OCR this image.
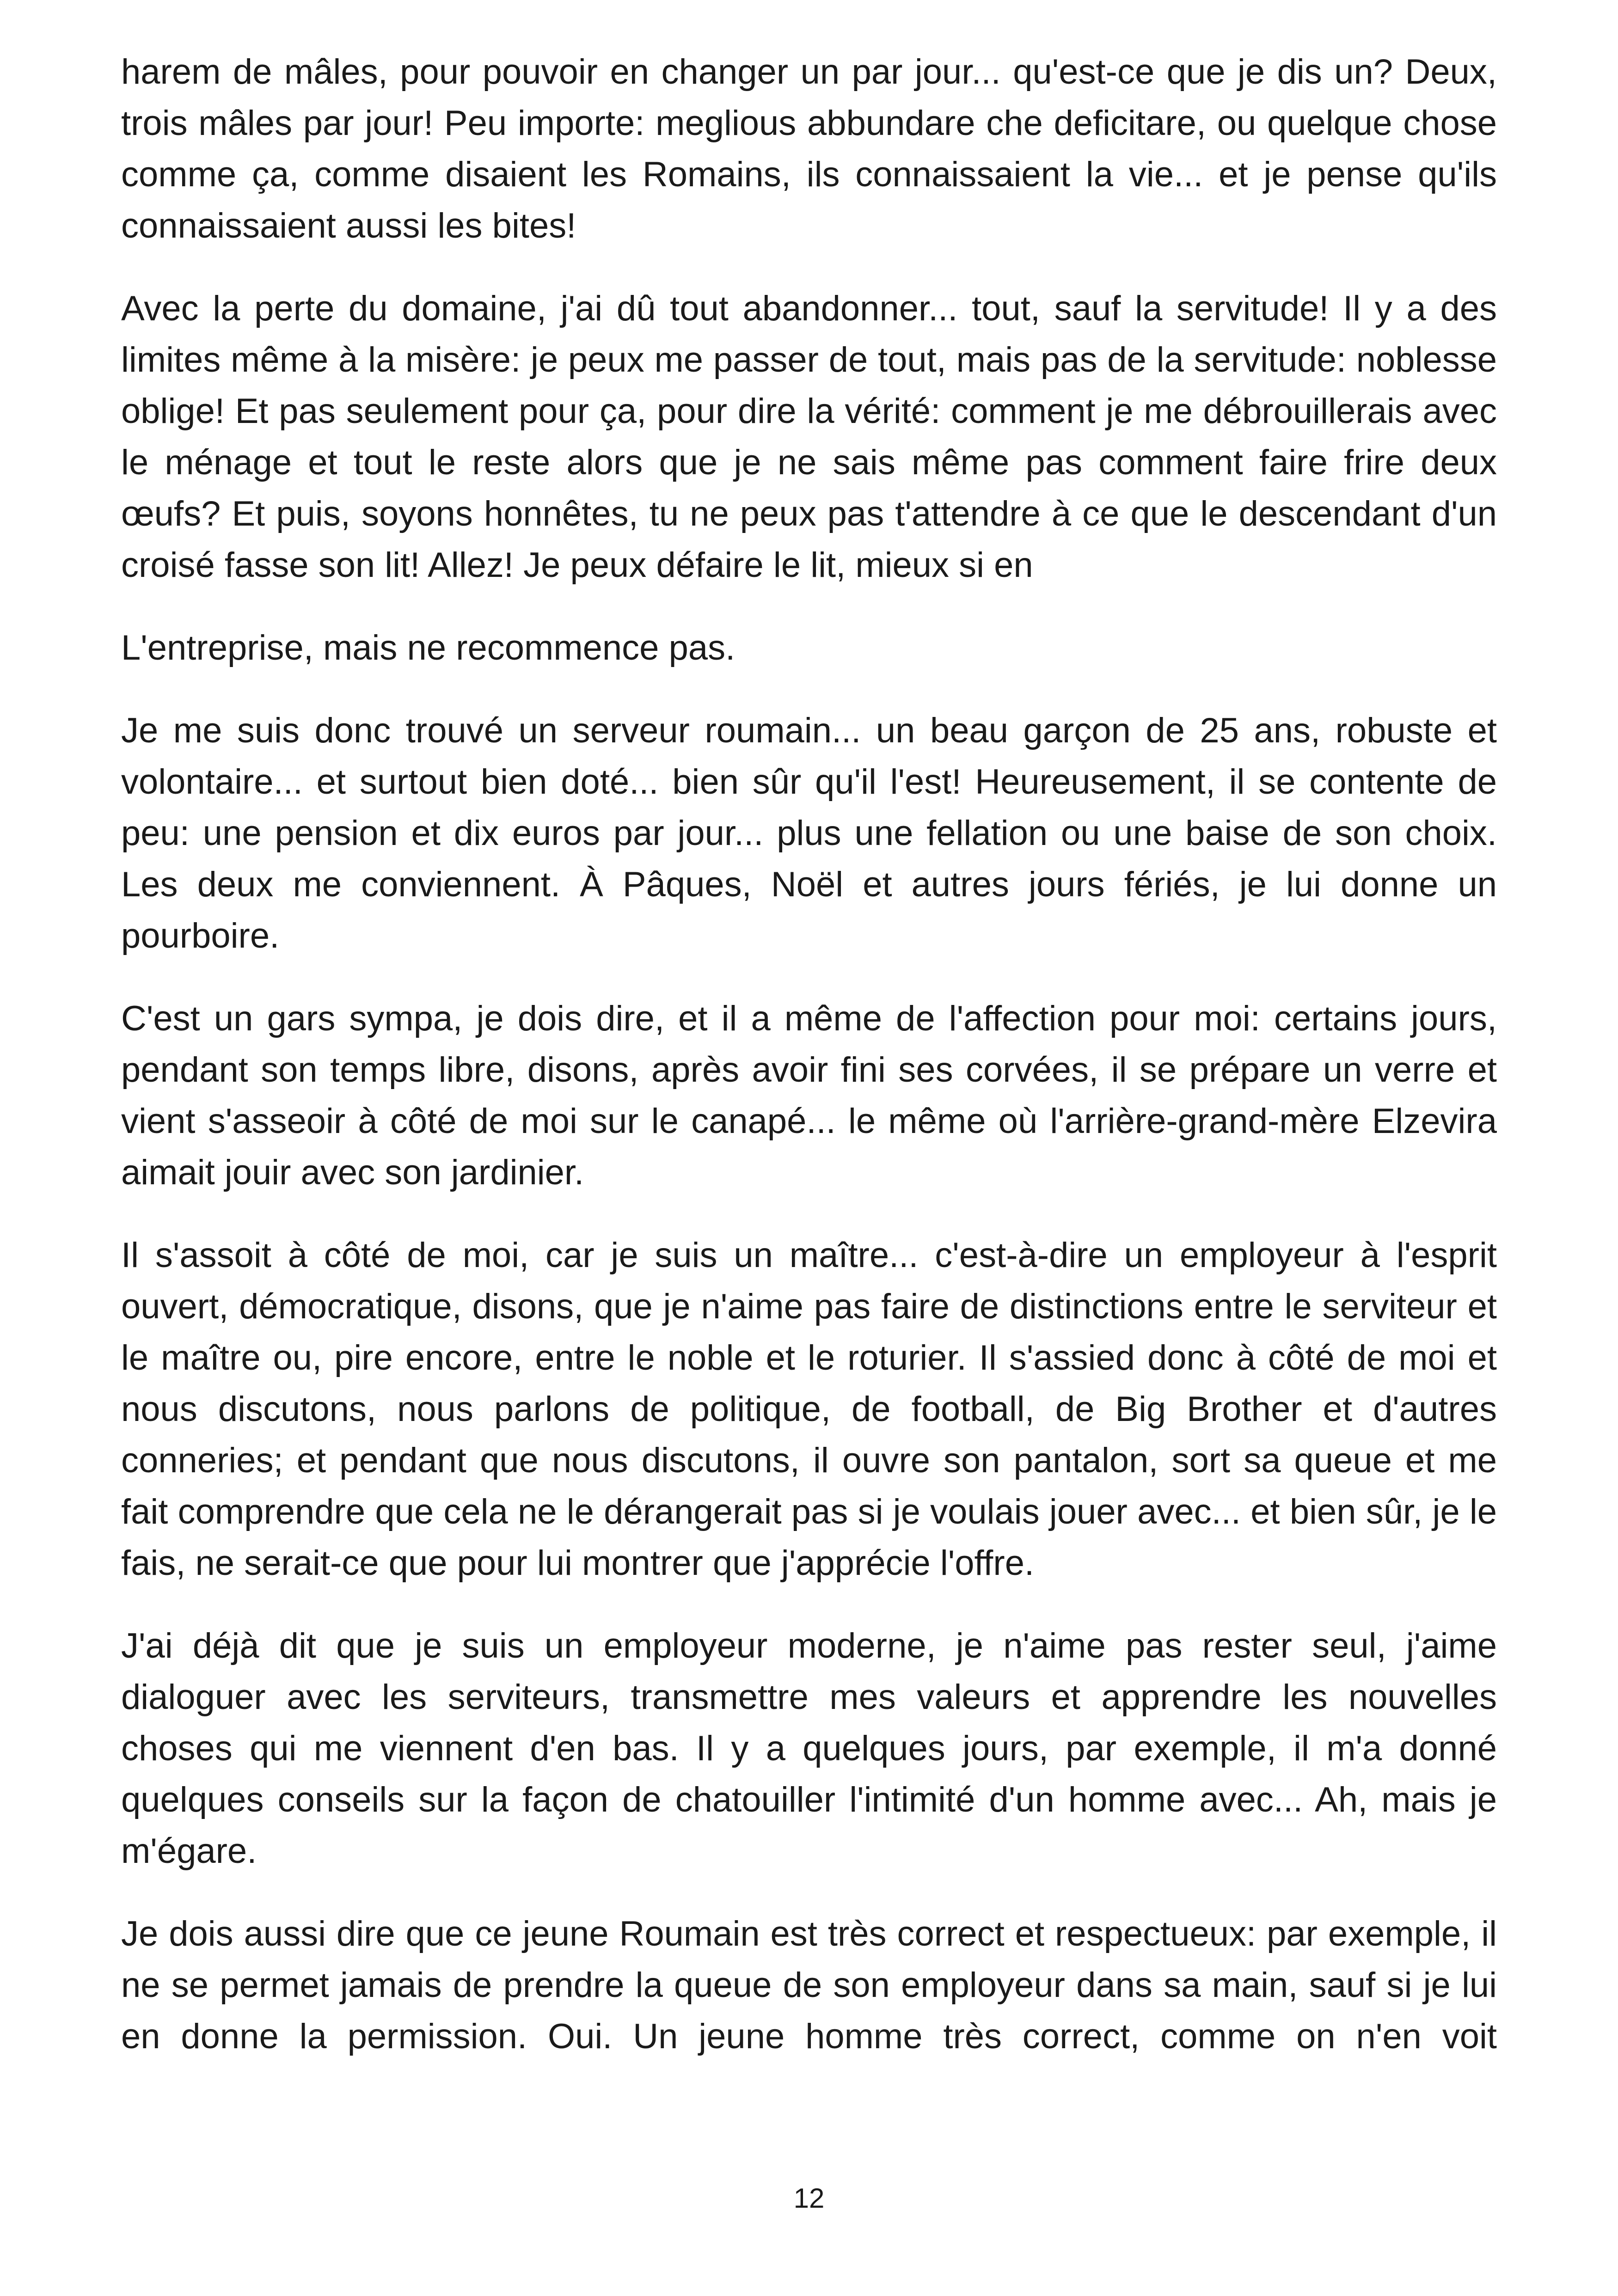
harem de mâles, pour pouvoir en changer un par jour... qu'est-ce que je dis un? Deux, trois mâles par jour! Peu importe: meglious abbundare che deficitare, ou quelque chose comme ça, comme disaient les Romains, ils connaissaient la vie... et je pense qu'ils connaissaient aussi les bites!

Avec la perte du domaine, j'ai dû tout abandonner... tout, sauf la servitude! Il y a des limites même à la misère: je peux me passer de tout, mais pas de la servitude: noblesse oblige! Et pas seulement pour ça, pour dire la vérité: comment je me débrouillerais avec le ménage et tout le reste alors que je ne sais même pas comment faire frire deux œufs? Et puis, soyons honnêtes, tu ne peux pas t'attendre à ce que le descendant d'un croisé fasse son lit! Allez! Je peux défaire le lit, mieux si en

L'entreprise, mais ne recommence pas.

Je me suis donc trouvé un serveur roumain... un beau garçon de 25 ans, robuste et volontaire... et surtout bien doté... bien sûr qu'il l'est! Heureusement, il se contente de peu: une pension et dix euros par jour... plus une fellation ou une baise de son choix. Les deux me conviennent. À Pâques, Noël et autres jours fériés, je lui donne un pourboire.

C'est un gars sympa, je dois dire, et il a même de l'affection pour moi: certains jours, pendant son temps libre, disons, après avoir fini ses corvées, il se prépare un verre et vient s'asseoir à côté de moi sur le canapé... le même où l'arrière-grand-mère Elzevira aimait jouir avec son jardinier.

Il s'assoit à côté de moi, car je suis un maître... c'est-à-dire un employeur à l'esprit ouvert, démocratique, disons, que je n'aime pas faire de distinctions entre le serviteur et le maître ou, pire encore, entre le noble et le roturier. Il s'assied donc à côté de moi et nous discutons, nous parlons de politique, de football, de Big Brother et d'autres conneries; et pendant que nous discutons, il ouvre son pantalon, sort sa queue et me fait comprendre que cela ne le dérangerait pas si je voulais jouer avec... et bien sûr, je le fais, ne serait-ce que pour lui montrer que j'apprécie l'offre.

J'ai déjà dit que je suis un employeur moderne, je n'aime pas rester seul, j'aime dialoguer avec les serviteurs, transmettre mes valeurs et apprendre les nouvelles choses qui me viennent d'en bas. Il y a quelques jours, par exemple, il m'a donné quelques conseils sur la façon de chatouiller l'intimité d'un homme avec... Ah, mais je m'égare.

Je dois aussi dire que ce jeune Roumain est très correct et respectueux: par exemple, il ne se permet jamais de prendre la queue de son employeur dans sa main, sauf si je lui en donne la permission. Oui. Un jeune homme très correct, comme on n'en voit

12
